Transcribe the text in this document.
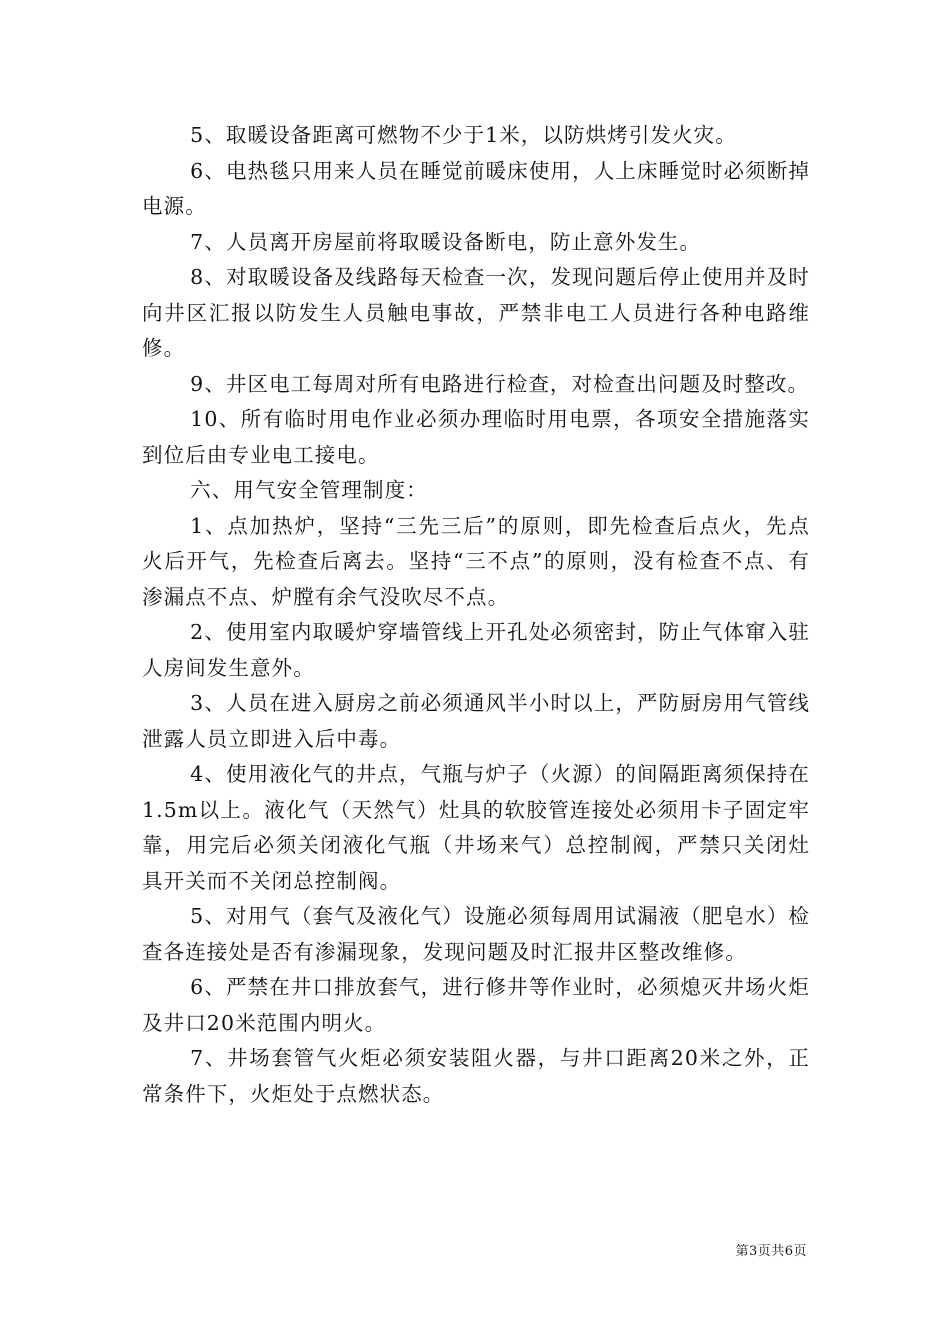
5、取暖设备距离可燃物不少于1米，以防烘烤引发火灾。

6、电热毯只用来人员在睡觉前暖床使用，人上床睡觉时必须断掉电源。

7、人员离开房屋前将取暖设备断电，防止意外发生。

8、对取暖设备及线路每天检查一次，发现问题后停止使用并及时向井区汇报以防发生人员触电事故，严禁非电工人员进行各种电路维修。

9、井区电工每周对所有电路进行检查，对检查出问题及时整改。

10、所有临时用电作业必须办理临时用电票，各项安全措施落实到位后由专业电工接电。

六、用气安全管理制度：

1、点加热炉，坚持“三先三后”的原则，即先检查后点火，先点火后开气，先检查后离去。坚持“三不点”的原则，没有检查不点、有渗漏点不点、炉膛有余气没吹尽不点。

2、使用室内取暖炉穿墙管线上开孔处必须密封，防止气体窜入驻人房间发生意外。

3、人员在进入厨房之前必须通风半小时以上，严防厨房用气管线泄露人员立即进入后中毒。

4、使用液化气的井点，气瓶与炉子（火源）的间隔距离须保持在1.5m以上。液化气（天然气）灶具的软胶管连接处必须用卡子固定牢靠，用完后必须关闭液化气瓶（井场来气）总控制阀，严禁只关闭灶具开关而不关闭总控制阀。

5、对用气（套气及液化气）设施必须每周用试漏液（肥皂水）检查各连接处是否有渗漏现象，发现问题及时汇报井区整改维修。

6、严禁在井口排放套气，进行修井等作业时，必须熄灭井场火炬及井口20米范围内明火。

7、井场套管气火炬必须安装阻火器，与井口距离20米之外，正常条件下，火炬处于点燃状态。

第3页共6页
